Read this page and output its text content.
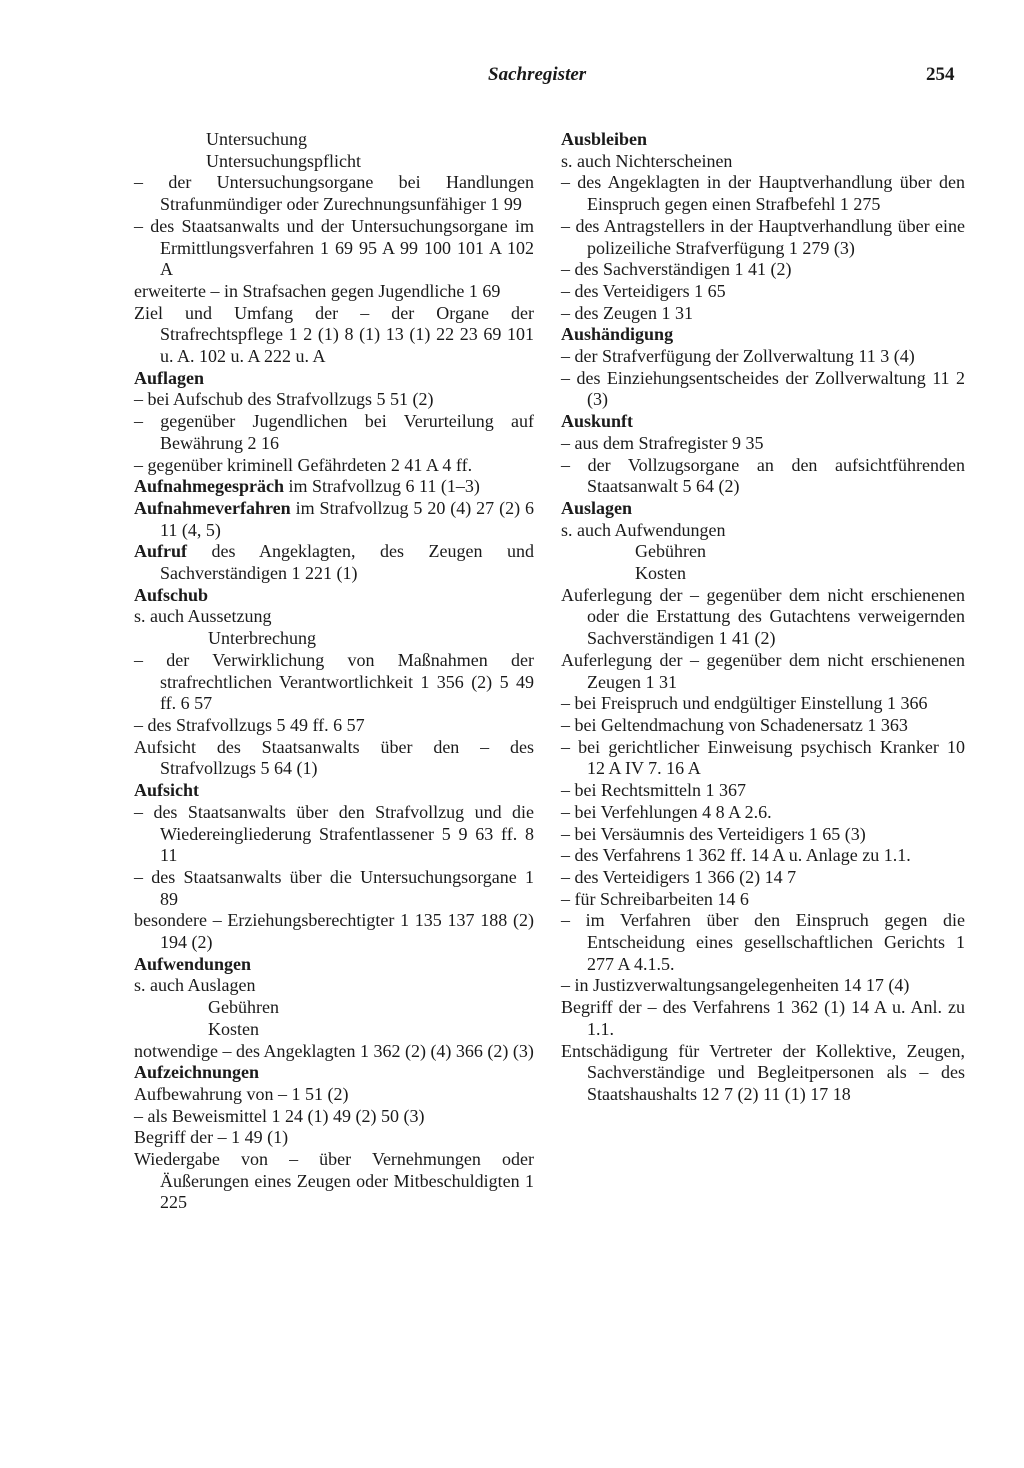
Sachregister	254
Untersuchung
Untersuchungspflicht
– der Untersuchungsorgane bei Handlungen Strafunmündiger oder Zurechnungsunfähiger 1 99
– des Staatsanwalts und der Untersuchungsorgane im Ermittlungsverfahren 1 69 95 A 99 100 101 A 102 A
erweiterte – in Strafsachen gegen Jugendliche 1 69
Ziel und Umfang der – der Organe der Strafrechtspflege 1 2 (1) 8 (1) 13 (1) 22 23 69 101 u. A. 102 u. A 222 u. A
Auflagen
– bei Aufschub des Strafvollzugs 5 51 (2)
– gegenüber Jugendlichen bei Verurteilung auf Bewährung 2 16
– gegenüber kriminell Gefährdeten 2 41 A 4 ff.
Aufnahmegespräch im Strafvollzug 6 11 (1–3)
Aufnahmeverfahren im Strafvollzug 5 20 (4) 27 (2) 6 11 (4, 5)
Aufruf des Angeklagten, des Zeugen und Sachverständigen 1 221 (1)
Aufschub
s. auch Aussetzung
Unterbrechung
– der Verwirklichung von Maßnahmen der strafrechtlichen Verantwortlichkeit 1 356 (2) 5 49 ff. 6 57
– des Strafvollzugs 5 49 ff. 6 57
Aufsicht des Staatsanwalts über den – des Strafvollzugs 5 64 (1)
Aufsicht
– des Staatsanwalts über den Strafvollzug und die Wiedereingliederung Strafentlassener 5 9 63 ff. 8 11
– des Staatsanwalts über die Untersuchungsorgane 1 89
besondere – Erziehungsberechtigter 1 135 137 188 (2) 194 (2)
Aufwendungen
s. auch Auslagen
Gebühren
Kosten
notwendige – des Angeklagten 1 362 (2) (4) 366 (2) (3)
Aufzeichnungen
Aufbewahrung von – 1 51 (2)
– als Beweismittel 1 24 (1) 49 (2) 50 (3)
Begriff der – 1 49 (1)
Wiedergabe von – über Vernehmungen oder Äußerungen eines Zeugen oder Mitbeschuldigten 1 225
Ausbleiben
s. auch Nichterscheinen
– des Angeklagten in der Hauptverhandlung über den Einspruch gegen einen Strafbefehl 1 275
– des Antragstellers in der Hauptverhandlung über eine polizeiliche Strafverfügung 1 279 (3)
– des Sachverständigen 1 41 (2)
– des Verteidigers 1 65
– des Zeugen 1 31
Aushändigung
– der Strafverfügung der Zollverwaltung 11 3 (4)
– des Einziehungsentscheides der Zollverwaltung 11 2 (3)
Auskunft
– aus dem Strafregister 9 35
– der Vollzugsorgane an den aufsichtführenden Staatsanwalt 5 64 (2)
Auslagen
s. auch Aufwendungen
Gebühren
Kosten
Auferlegung der – gegenüber dem nicht erschienenen oder die Erstattung des Gutachtens verweigernden Sachverständigen 1 41 (2)
Auferlegung der – gegenüber dem nicht erschienenen Zeugen 1 31
– bei Freispruch und endgültiger Einstellung 1 366
– bei Geltendmachung von Schadenersatz 1 363
– bei gerichtlicher Einweisung psychisch Kranker 10 12 A IV 7. 16 A
– bei Rechtsmitteln 1 367
– bei Verfehlungen 4 8 A 2.6.
– bei Versäumnis des Verteidigers 1 65 (3)
– des Verfahrens 1 362 ff. 14 A u. Anlage zu 1.1.
– des Verteidigers 1 366 (2) 14 7
– für Schreibarbeiten 14 6
– im Verfahren über den Einspruch gegen die Entscheidung eines gesellschaftlichen Gerichts 1 277 A 4.1.5.
– in Justizverwaltungsangelegenheiten 14 17 (4)
Begriff der – des Verfahrens 1 362 (1) 14 A u. Anl. zu 1.1.
Entschädigung für Vertreter der Kollektive, Zeugen, Sachverständige und Begleitpersonen als – des Staatshaushalts 12 7 (2) 11 (1) 17 18
